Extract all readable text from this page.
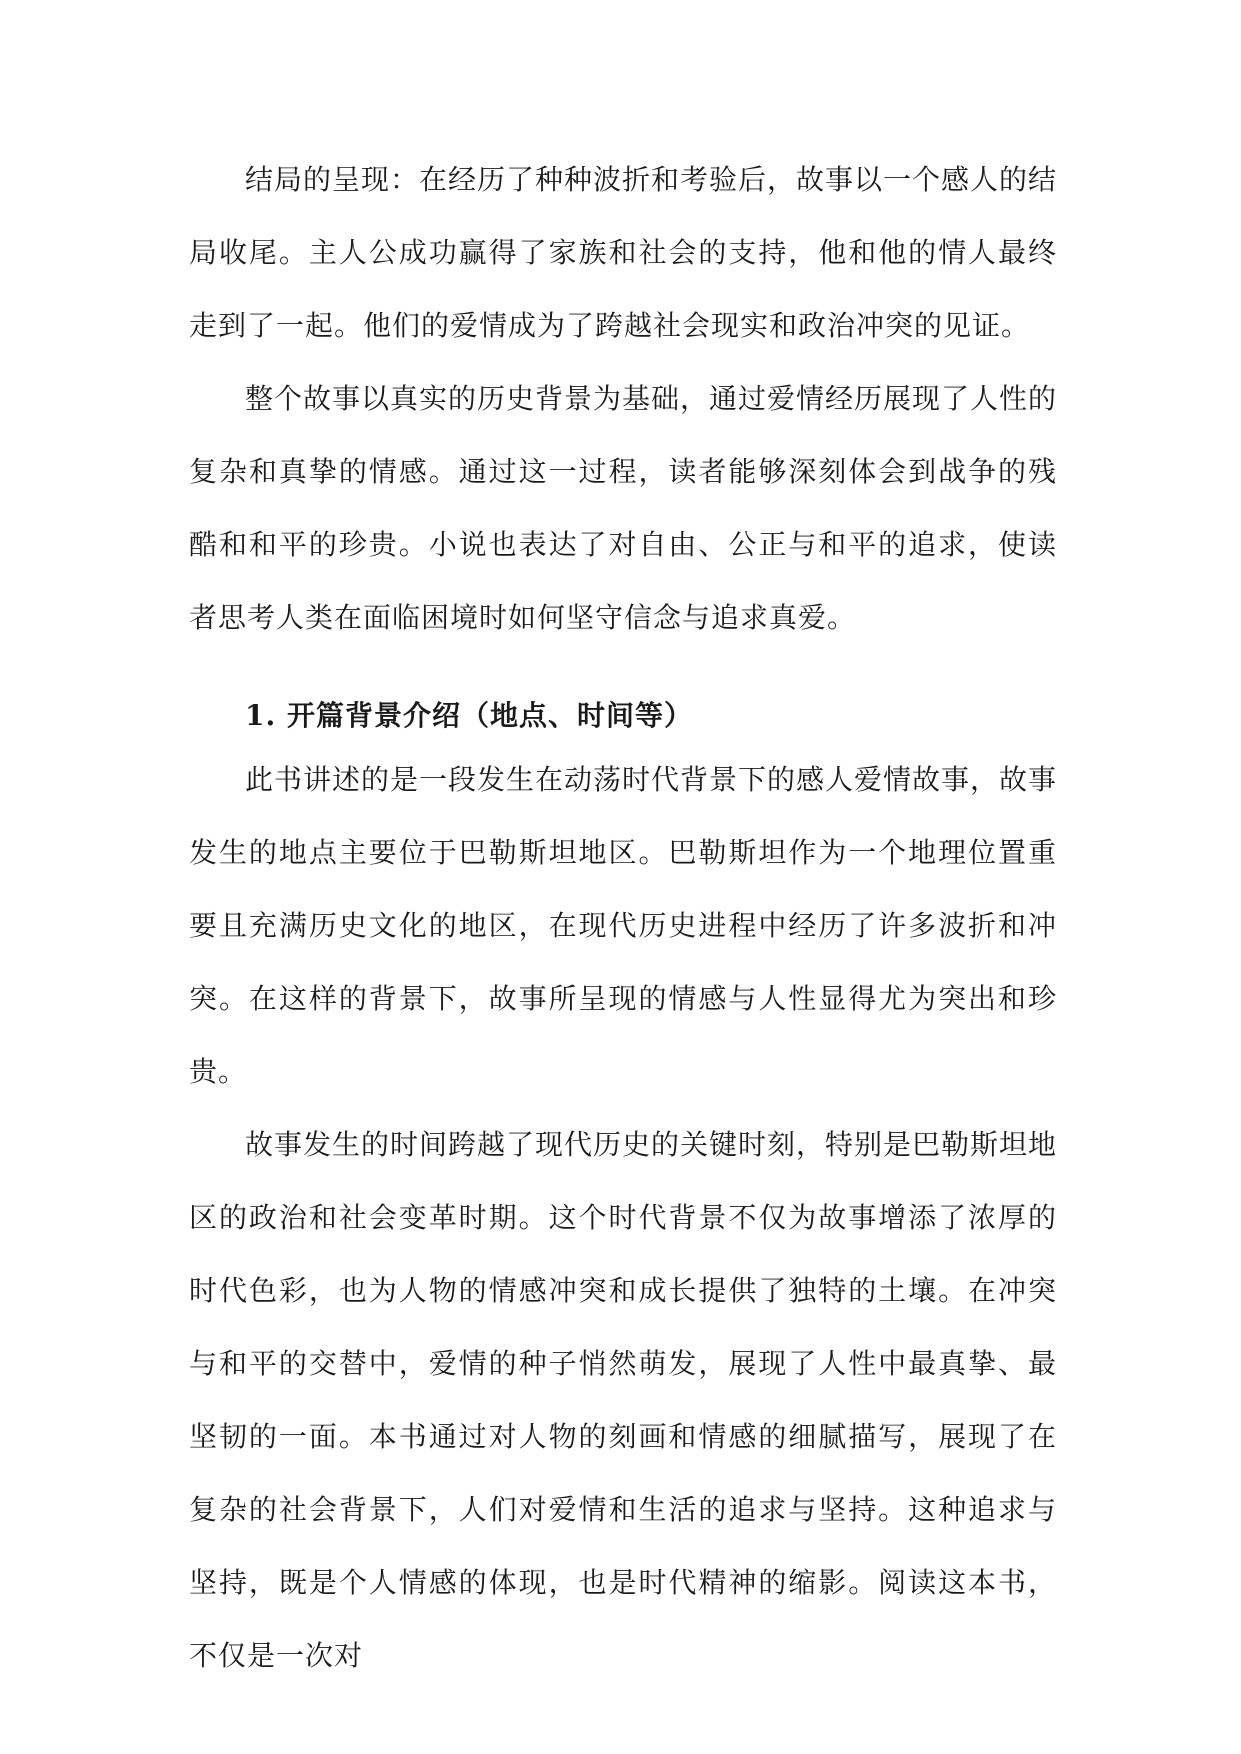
结局的呈现：在经历了种种波折和考验后，故事以一个感人的结局收尾。主人公成功赢得了家族和社会的支持，他和他的情人最终走到了一起。他们的爱情成为了跨越社会现实和政治冲突的见证。

整个故事以真实的历史背景为基础，通过爱情经历展现了人性的复杂和真挚的情感。通过这一过程，读者能够深刻体会到战争的残酷和和平的珍贵。小说也表达了对自由、公正与和平的追求，使读者思考人类在面临困境时如何坚守信念与追求真爱。

1. 开篇背景介绍（地点、时间等）

此书讲述的是一段发生在动荡时代背景下的感人爱情故事，故事发生的地点主要位于巴勒斯坦地区。巴勒斯坦作为一个地理位置重要且充满历史文化的地区，在现代历史进程中经历了许多波折和冲突。在这样的背景下，故事所呈现的情感与人性显得尤为突出和珍贵。

故事发生的时间跨越了现代历史的关键时刻，特别是巴勒斯坦地区的政治和社会变革时期。这个时代背景不仅为故事增添了浓厚的时代色彩，也为人物的情感冲突和成长提供了独特的土壤。在冲突与和平的交替中，爱情的种子悄然萌发，展现了人性中最真挚、最坚韧的一面。本书通过对人物的刻画和情感的细腻描写，展现了在复杂的社会背景下，人们对爱情和生活的追求与坚持。这种追求与坚持，既是个人情感的体现，也是时代精神的缩影。阅读这本书，不仅是一次对
